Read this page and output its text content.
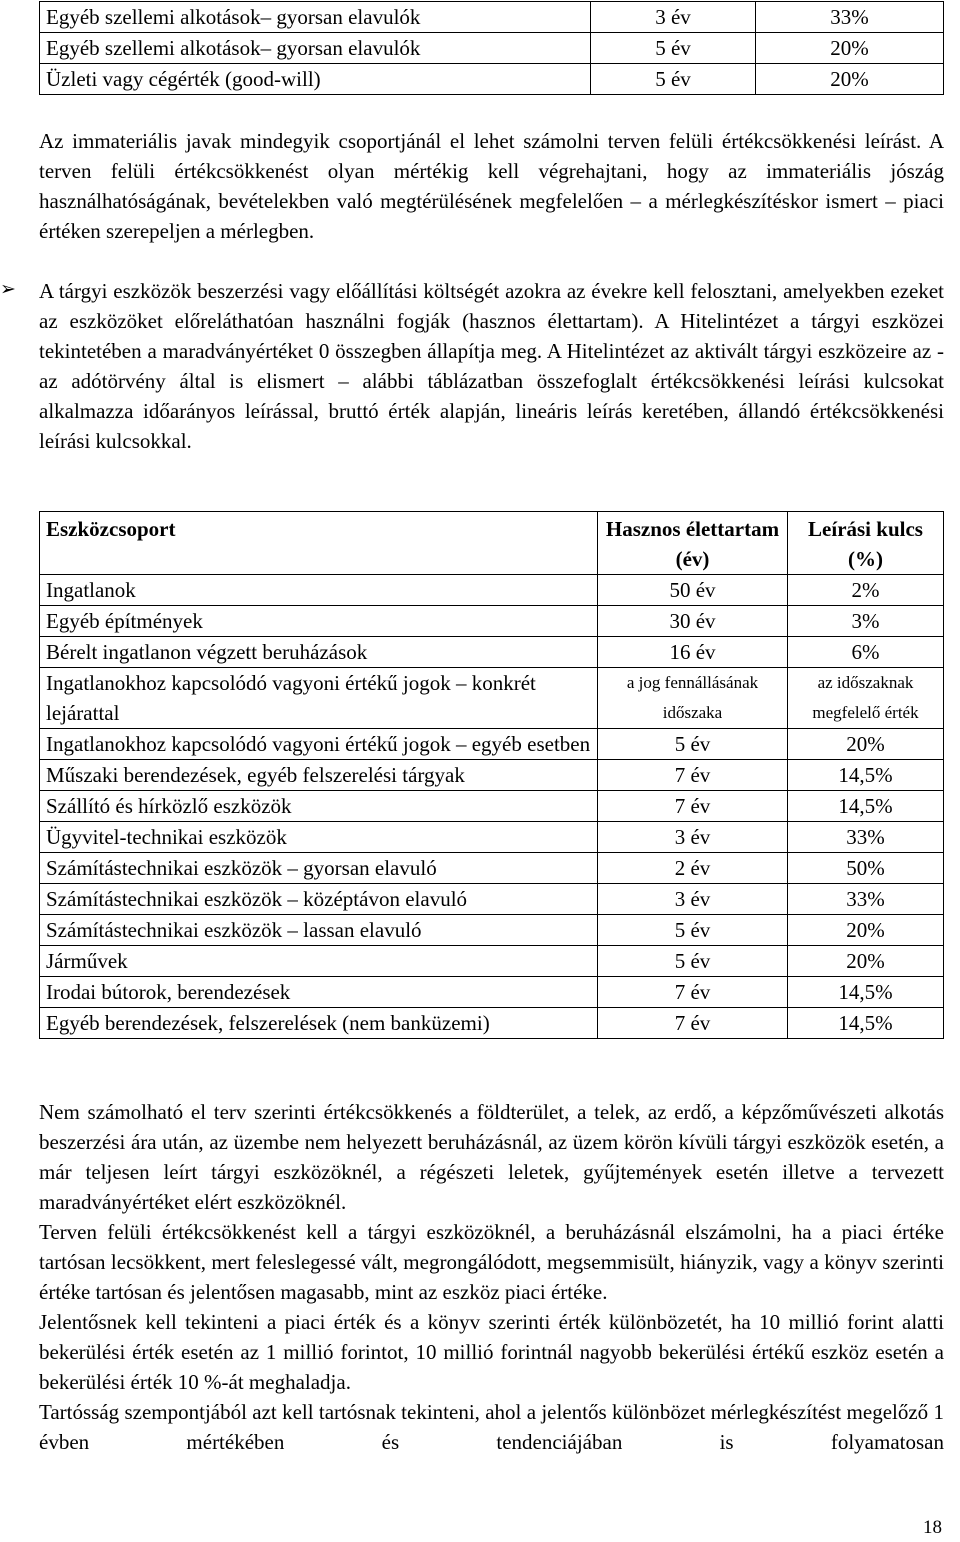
Egyéb szellemi alkotások– gyorsan elavulók	3 év	33%
Egyéb szellemi alkotások– gyorsan elavulók	5 év	20%
Üzleti vagy cégérték (good-will)	5 év	20%

Az immateriális javak mindegyik csoportjánál el lehet számolni terven felüli értékcsökkenési leírást. A terven felüli értékcsökkenést olyan mértékig kell végrehajtani, hogy az immateriális jószág használhatóságának, bevételekben való megtérülésének megfelelően – a mérlegkészítéskor ismert – piaci értéken szerepeljen a mérlegben.

➢ A tárgyi eszközök beszerzési vagy előállítási költségét azokra az évekre kell felosztani, amelyekben ezeket az eszközöket előreláthatóan használni fogják (hasznos élettartam). A Hitelintézet a tárgyi eszközei tekintetében a maradványértéket 0 összegben állapítja meg. A Hitelintézet az aktivált tárgyi eszközeire az - az adótörvény által is elismert – alábbi táblázatban összefoglalt értékcsökkenési leírási kulcsokat alkalmazza időarányos leírással, bruttó érték alapján, lineáris leírás keretében, állandó értékcsökkenési leírási kulcsokkal.

Eszközcsoport	Hasznos élettartam (év)	Leírási kulcs (%)
Ingatlanok	50 év	2%
Egyéb építmények	30 év	3%
Bérelt ingatlanon végzett beruházások	16 év	6%
Ingatlanokhoz kapcsolódó vagyoni értékű jogok – konkrét lejárattal	a jog fennállásának időszaka	az időszaknak megfelelő érték
Ingatlanokhoz kapcsolódó vagyoni értékű jogok – egyéb esetben	5 év	20%
Műszaki berendezések, egyéb felszerelési tárgyak	7 év	14,5%
Szállító és hírközlő eszközök	7 év	14,5%
Ügyvitel-technikai eszközök	3 év	33%
Számítástechnikai eszközök – gyorsan elavuló	2 év	50%
Számítástechnikai eszközök – középtávon elavuló	3 év	33%
Számítástechnikai eszközök – lassan elavuló	5 év	20%
Járművek	5 év	20%
Irodai bútorok, berendezések	7 év	14,5%
Egyéb berendezések, felszerelések (nem banküzemi)	7 év	14,5%

Nem számolható el terv szerinti értékcsökkenés a földterület, a telek, az erdő, a képzőművészeti alkotás beszerzési ára után, az üzembe nem helyezett beruházásnál, az üzem körön kívüli tárgyi eszközök esetén, a már teljesen leírt tárgyi eszközöknél, a régészeti leletek, gyűjtemények esetén illetve a tervezett maradványértéket elért eszközöknél.

Terven felüli értékcsökkenést kell a tárgyi eszközöknél, a beruházásnál elszámolni, ha a piaci értéke tartósan lecsökkent, mert feleslegessé vált, megrongálódott, megsemmisült, hiányzik, vagy a könyv szerinti értéke tartósan és jelentősen magasabb, mint az eszköz piaci értéke.

Jelentősnek kell tekinteni a piaci érték és a könyv szerinti érték különbözetét, ha 10 millió forint alatti bekerülési érték esetén az 1 millió forintot, 10 millió forintnál nagyobb bekerülési értékű eszköz esetén a bekerülési érték 10 %-át meghaladja.

Tartósság szempontjából azt kell tartósnak tekinteni, ahol a jelentős különbözet mérlegkészítést megelőző 1 évben mértékében és tendenciájában is folyamatosan

18
